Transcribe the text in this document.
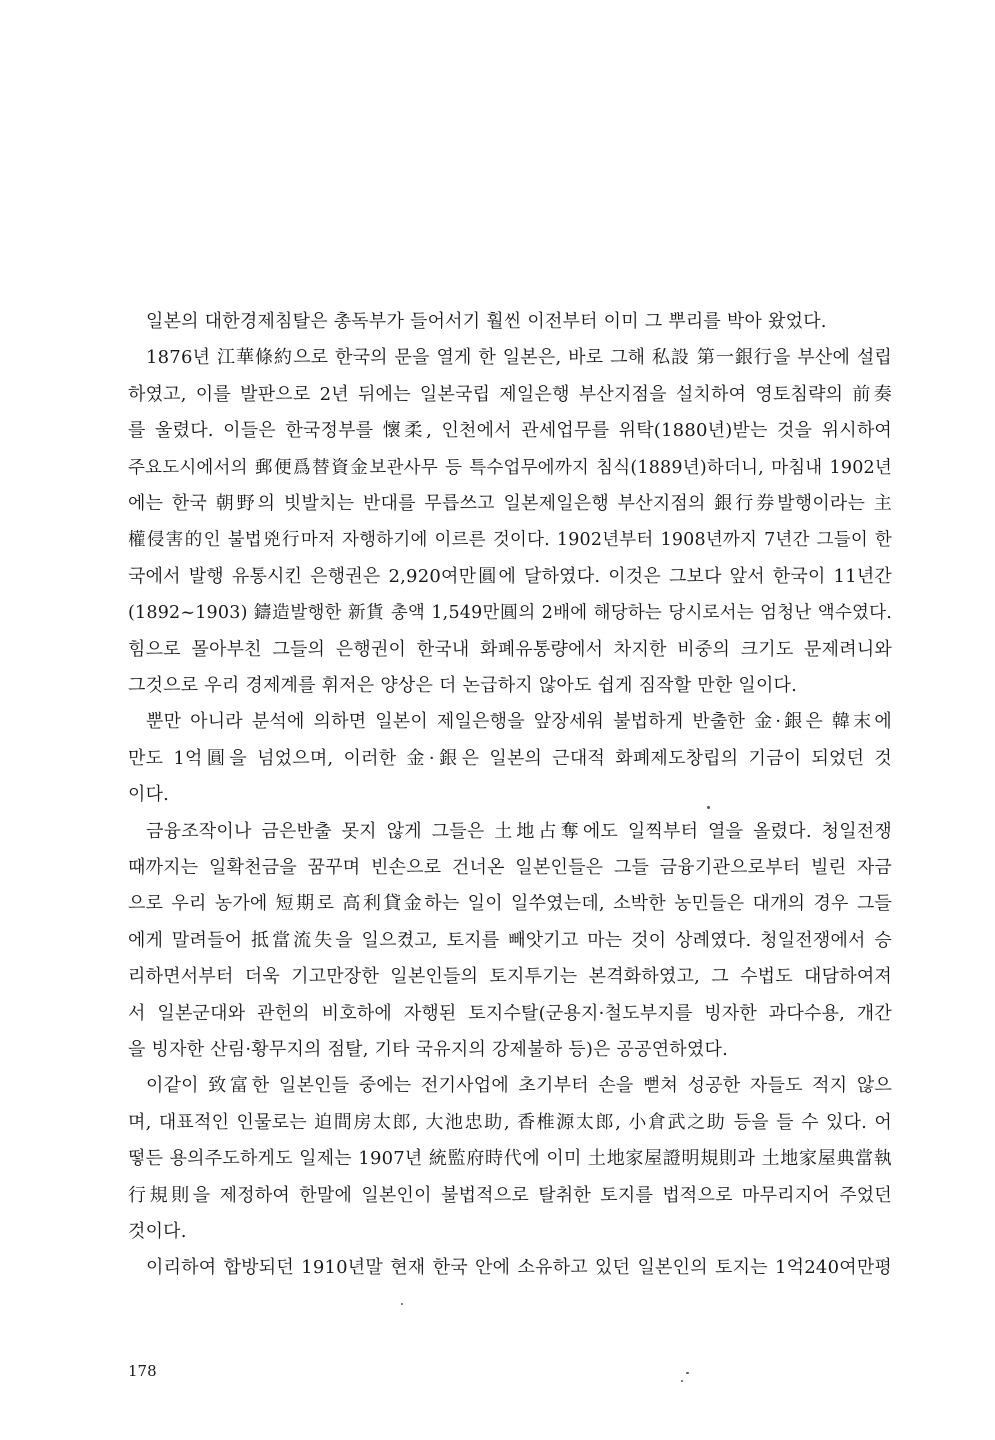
일본의 대한경제침탈은 총독부가 들어서기 훨씬 이전부터 이미 그 뿌리를 박아 왔었다.
1876년 江華條約으로 한국의 문을 열게 한 일본은, 바로 그해 私設 第一銀行을 부산에 설립
하였고, 이를 발판으로 2년 뒤에는 일본국립 제일은행 부산지점을 설치하여 영토침략의 前奏
를 울렸다. 이들은 한국정부를 懷柔, 인천에서 관세업무를 위탁(1880년)받는 것을 위시하여
주요도시에서의 郵便爲替資金보관사무 등 특수업무에까지 침식(1889년)하더니, 마침내 1902년
에는 한국 朝野의 빗발치는 반대를 무릅쓰고 일본제일은행 부산지점의 銀行券발행이라는 主
權侵害的인 불법兇行마저 자행하기에 이르른 것이다. 1902년부터 1908년까지 7년간 그들이 한
국에서 발행 유통시킨 은행권은 2,920여만圓에 달하였다. 이것은 그보다 앞서 한국이 11년간
(1892~1903) 鑄造발행한 新貨 총액 1,549만圓의 2배에 해당하는 당시로서는 엄청난 액수였다.
힘으로 몰아부친 그들의 은행권이 한국내 화폐유통량에서 차지한 비중의 크기도 문제려니와
그것으로 우리 경제계를 휘저은 양상은 더 논급하지 않아도 쉽게 짐작할 만한 일이다.
뿐만 아니라 분석에 의하면 일본이 제일은행을 앞장세워 불법하게 반출한 金·銀은 韓末에
만도 1억圓을 넘었으며, 이러한 金·銀은 일본의 근대적 화폐제도창립의 기금이 되었던 것
이다.
금융조작이나 금은반출 못지 않게 그들은 土地占奪에도 일찍부터 열을 올렸다. 청일전쟁
때까지는 일확천금을 꿈꾸며 빈손으로 건너온 일본인들은 그들 금융기관으로부터 빌린 자금
으로 우리 농가에 短期로 高利貸金하는 일이 일쑤였는데, 소박한 농민들은 대개의 경우 그들
에게 말려들어 抵當流失을 일으켰고, 토지를 빼앗기고 마는 것이 상례였다. 청일전쟁에서 승
리하면서부터 더욱 기고만장한 일본인들의 토지투기는 본격화하였고, 그 수법도 대담하여져
서 일본군대와 관헌의 비호하에 자행된 토지수탈(군용지·철도부지를 빙자한 과다수용, 개간
을 빙자한 산림·황무지의 점탈, 기타 국유지의 강제불하 등)은 공공연하였다.
이같이 致富한 일본인들 중에는 전기사업에 초기부터 손을 뻗쳐 성공한 자들도 적지 않으
며, 대표적인 인물로는 迫間房太郎, 大池忠助, 香椎源太郎, 小倉武之助 등을 들 수 있다. 어
떻든 용의주도하게도 일제는 1907년 統監府時代에 이미 土地家屋證明規則과 土地家屋典當執
行規則을 제정하여 한말에 일본인이 불법적으로 탈취한 토지를 법적으로 마무리지어 주었던
것이다.
이리하여 합방되던 1910년말 현재 한국 안에 소유하고 있던 일본인의 토지는 1억240여만평
178
